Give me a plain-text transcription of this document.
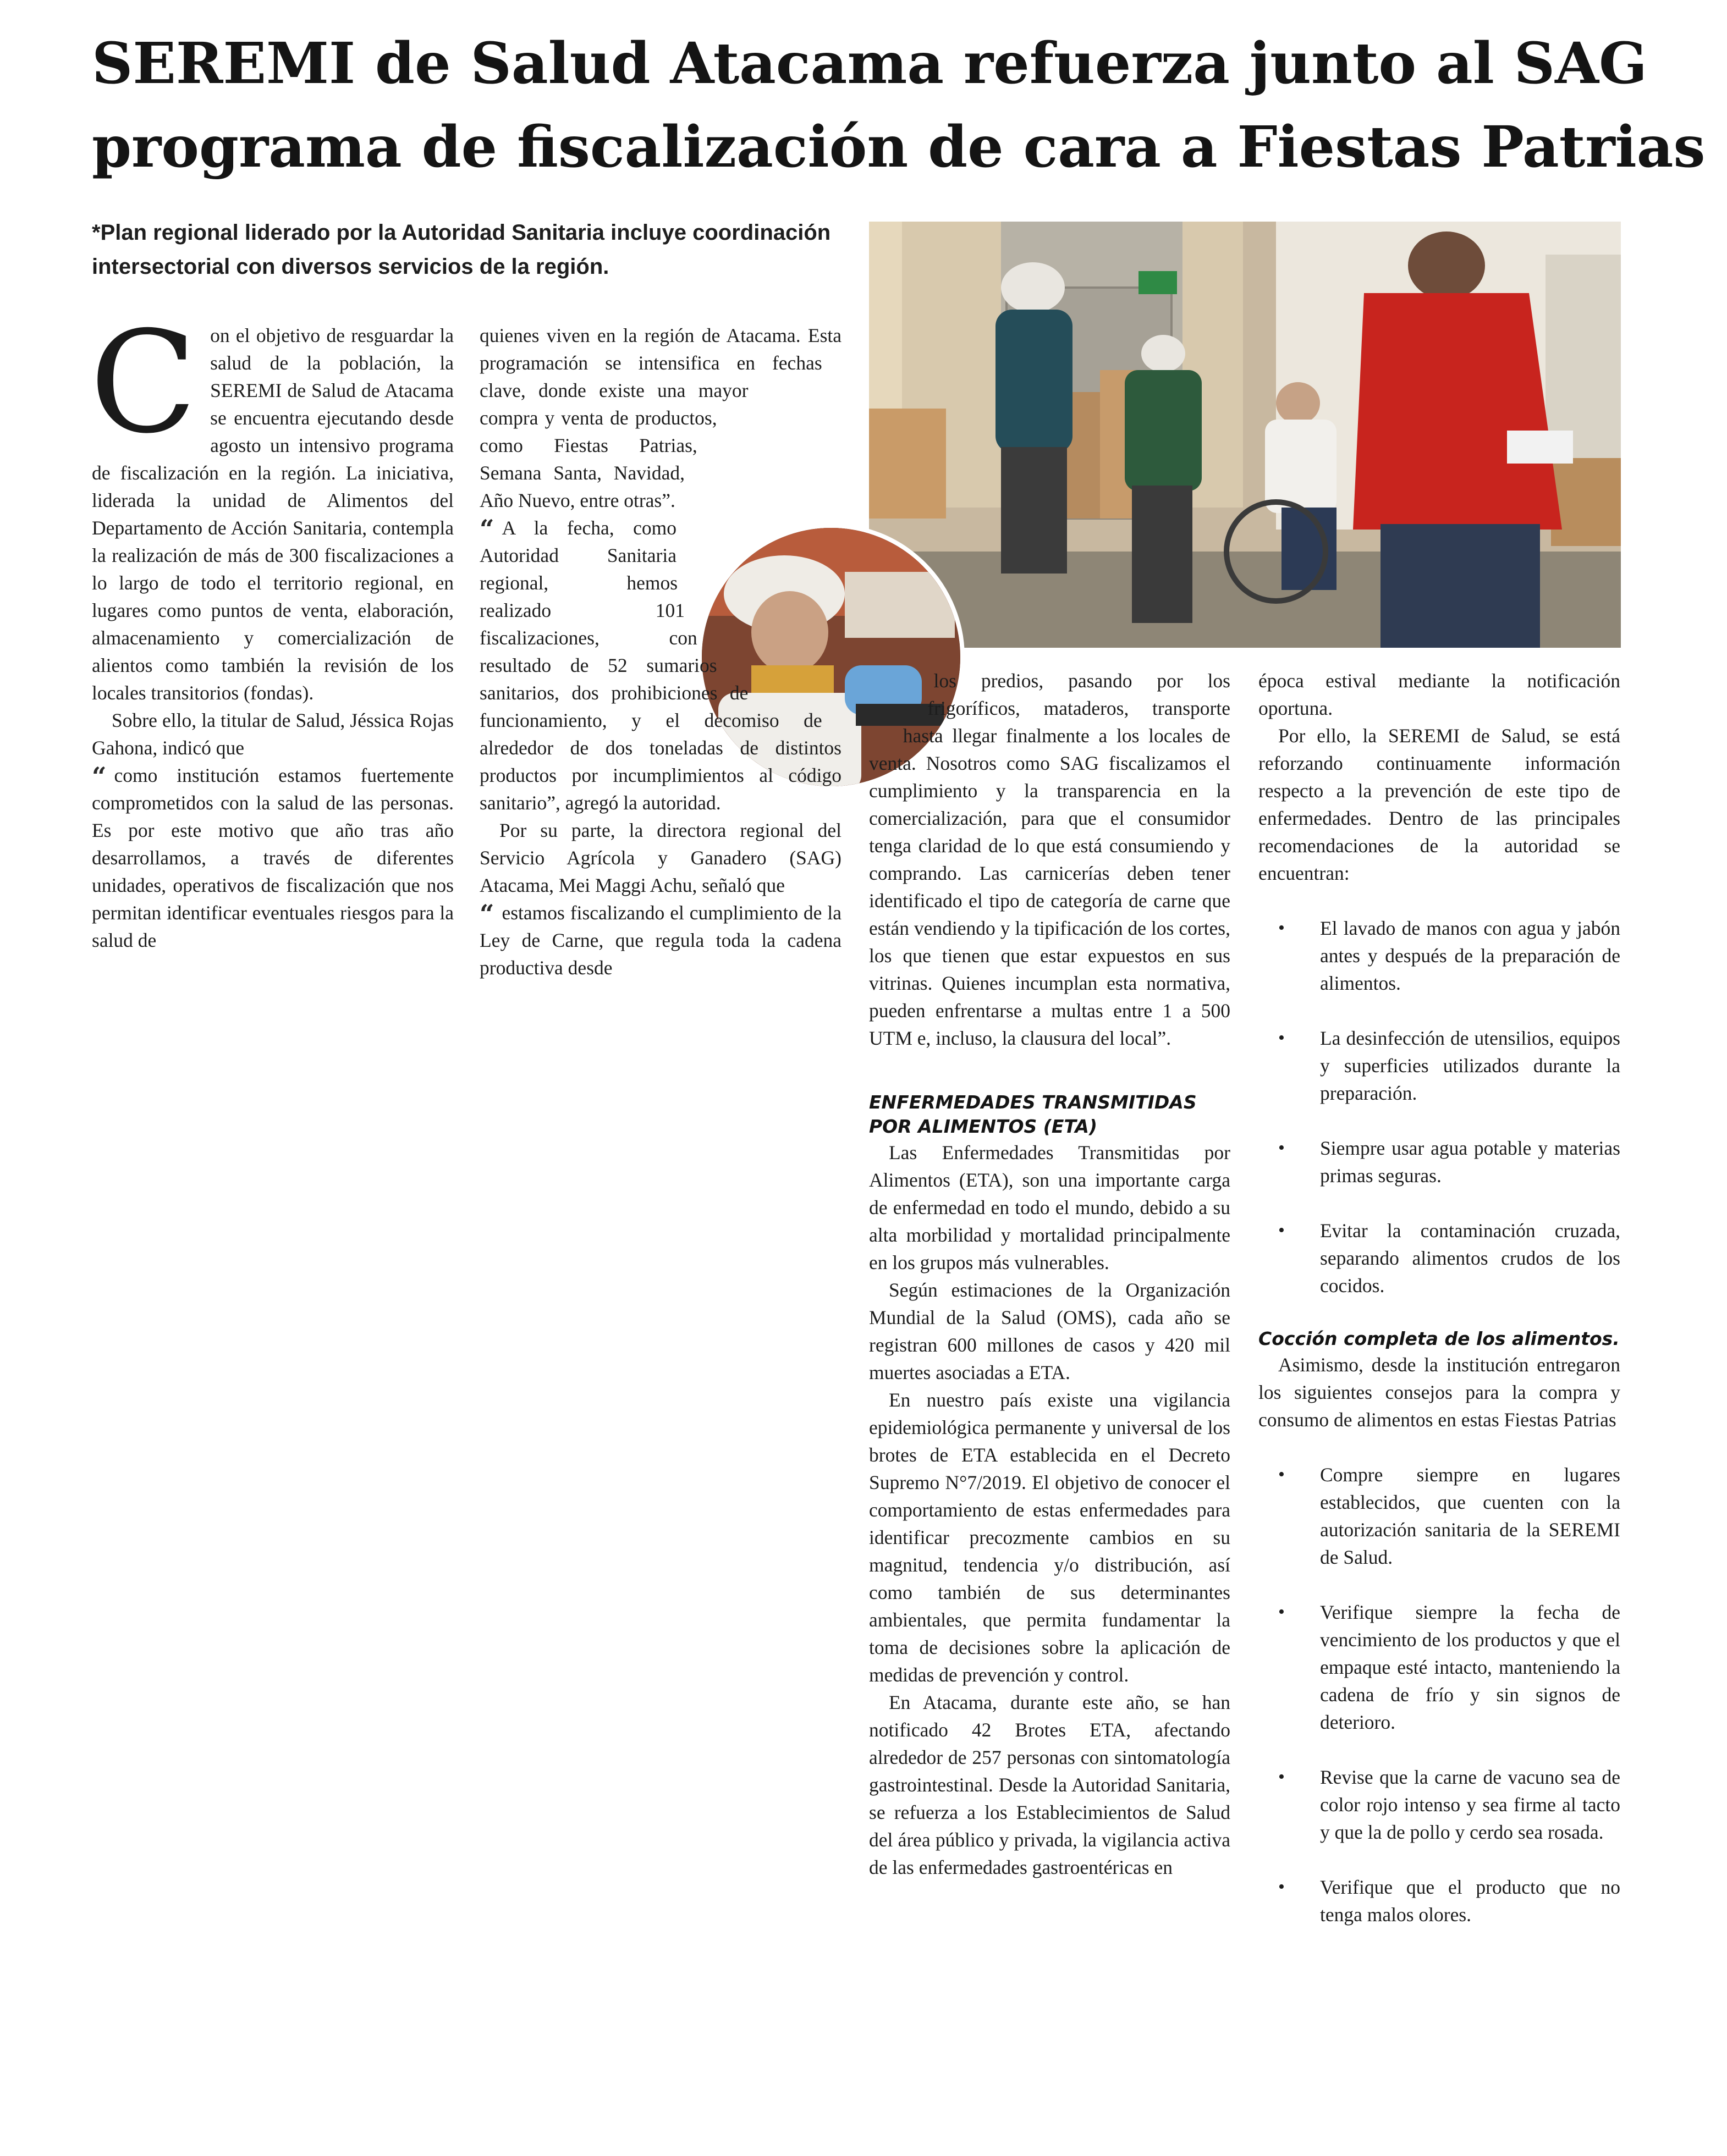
SEREMI de Salud Atacama refuerza junto al SAG
programa de fiscalización de cara a Fiestas Patrias
*Plan regional liderado por la Autoridad Sanitaria incluye coordinación intersectorial con diversos servicios de la región.

Con el objetivo de resguardar la salud de la población, la SEREMI de Salud de Atacama se encuentra ejecutando desde agosto un intensivo programa de fiscalización en la región. La iniciativa, liderada la unidad de Alimentos del Departamento de Acción Sanitaria, contempla la realización de más de 300 fiscalizaciones a lo largo de todo el territorio regional, en lugares como puntos de venta, elaboración, almacenamiento y comercialización de alientos como también la revisión de los locales transitorios (fondas).

Sobre ello, la titular de Salud, Jéssica Rojas Gahona, indicó que

“ como institución estamos fuertemente comprometidos con la salud de las personas. Es por este motivo que año tras año desarrollamos, a través de diferentes unidades, operativos de fiscalización que nos permitan identificar eventuales riesgos para la salud de

quienes viven en la región de Atacama. Esta programación se intensifica en fechas clave, donde existe una mayor compra y venta de productos, como Fiestas Patrias, Semana Santa, Navidad, Año Nuevo, entre otras”.

“ A la fecha, como Autoridad Sanitaria regional, hemos realizado 101 fiscalizaciones, con resultado de 52 sumarios sanitarios, dos prohibiciones de funcionamiento, y el decomiso de alrededor de dos toneladas de distintos productos por incumplimientos al código sanitario”, agregó la autoridad.

Por su parte, la directora regional del Servicio Agrícola y Ganadero (SAG) Atacama, Mei Maggi Achu, señaló que

“ estamos fiscalizando el cumplimiento de la Ley de Carne, que regula toda la cadena productiva desde

los predios, pasando por los frigoríficos, mataderos, transporte hasta llegar finalmente a los locales de venta. Nosotros como SAG fiscalizamos el cumplimiento y la transparencia en la comercialización, para que el consumidor tenga claridad de lo que está consumiendo y comprando. Las carnicerías deben tener identificado el tipo de categoría de carne que están vendiendo y la tipificación de los cortes, los que tienen que estar expuestos en sus vitrinas. Quienes incumplan esta normativa, pueden enfrentarse a multas entre 1 a 500 UTM e, incluso, la clausura del local”.

ENFERMEDADES TRANSMITIDAS POR ALIMENTOS (ETA)

Las Enfermedades Transmitidas por Alimentos (ETA), son una importante carga de enfermedad en todo el mundo, debido a su alta morbilidad y mortalidad principalmente en los grupos más vulnerables.

Según estimaciones de la Organización Mundial de la Salud (OMS), cada año se registran 600 millones de casos y 420 mil muertes asociadas a ETA.

En nuestro país existe una vigilancia epidemiológica permanente y universal de los brotes de ETA establecida en el Decreto Supremo N°7/2019. El objetivo de conocer el comportamiento de estas enfermedades para identificar precozmente cambios en su magnitud, tendencia y/o distribución, así como también de sus determinantes ambientales, que permita fundamentar la toma de decisiones sobre la aplicación de medidas de prevención y control.

En Atacama, durante este año, se han notificado 42 Brotes ETA, afectando alrededor de 257 personas con sintomatología gastrointestinal. Desde la Autoridad Sanitaria, se refuerza a los Establecimientos de Salud del área público y privada, la vigilancia activa de las enfermedades gastroentéricas en

época estival mediante la notificación oportuna.

Por ello, la SEREMI de Salud, se está reforzando continuamente información respecto a la prevención de este tipo de enfermedades. Dentro de las principales recomendaciones de la autoridad se encuentran:

• El lavado de manos con agua y jabón antes y después de la preparación de alimentos.
• La desinfección de utensilios, equipos y superficies utilizados durante la preparación.
• Siempre usar agua potable y materias primas seguras.
• Evitar la contaminación cruzada, separando alimentos crudos de los cocidos.

Cocción completa de los alimentos.

Asimismo, desde la institución entregaron los siguientes consejos para la compra y consumo de alimentos en estas Fiestas Patrias

• Compre siempre en lugares establecidos, que cuenten con la autorización sanitaria de la SEREMI de Salud.
• Verifique siempre la fecha de vencimiento de los productos y que el empaque esté intacto, manteniendo la cadena de frío y sin signos de deterioro.
• Revise que la carne de vacuno sea de color rojo intenso y sea firme al tacto y que la de pollo y cerdo sea rosada.
• Verifique que el producto que no tenga malos olores.
